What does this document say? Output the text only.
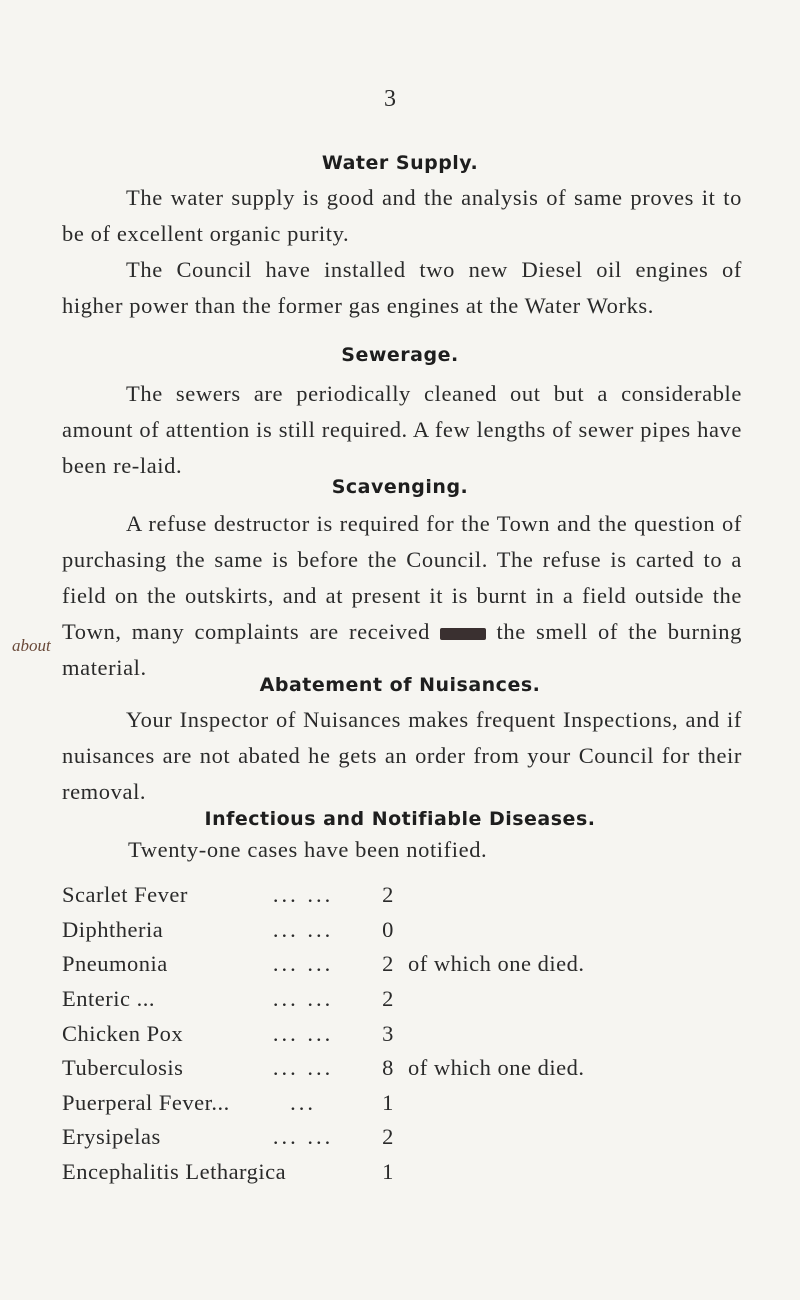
3
Water Supply.

The water supply is good and the analysis of same proves it to be of excellent organic purity.

The Council have installed two new Diesel oil engines of higher power than the former gas engines at the Water Works.

Sewerage.

The sewers are periodically cleaned out but a considerable amount of attention is still required. A few lengths of sewer pipes have been re-laid.

Scavenging.
about

A refuse destructor is required for the Town and the question of purchasing the same is before the Council. The refuse is carted to a field on the outskirts, and at present it is burnt in a field outside the Town, many complaints are received	the smell of the burning material.

Abatement of Nuisances.

Your Inspector of Nuisances makes frequent Inspections, and if nuisances are not abated he gets an order from your Council for their removal.

Infectious and Notifiable Diseases.
Twenty-one cases have been notified.
Scarlet Fever	... ...	2	
Diphtheria	... ...	0	
Pneumonia	... ...	2	of which one died.
Enteric ...	... ...	2	
Chicken Pox	... ...	3	
Tuberculosis	... ...	8	of which one died.
Puerperal Fever...	...	1	
Erysipelas	... ...	2	
Encephalitis Lethargica		1	
